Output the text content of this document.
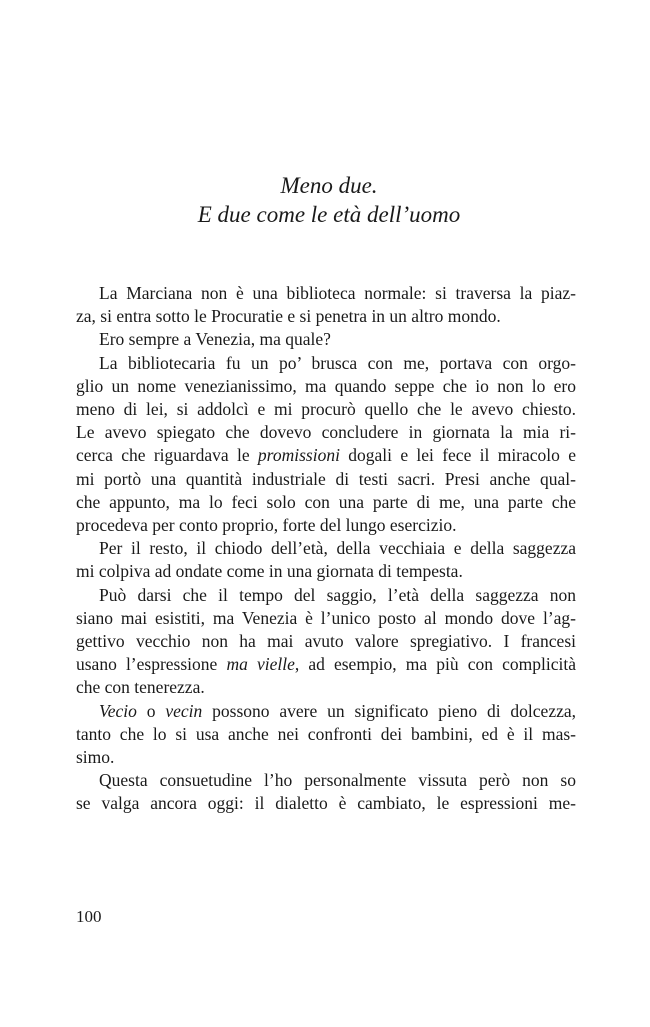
Meno due.
E due come le età dell’uomo

La Marciana non è una biblioteca normale: si traversa la piaz-

za, si entra sotto le Procuratie e si penetra in un altro mondo.

Ero sempre a Venezia, ma quale?

La bibliotecaria fu un po’ brusca con me, portava con orgo-

glio un nome venezianissimo, ma quando seppe che io non lo ero

meno di lei, si addolcì e mi procurò quello che le avevo chiesto.

Le avevo spiegato che dovevo concludere in giornata la mia ri-

cerca che riguardava le promissioni dogali e lei fece il miracolo e

mi portò una quantità industriale di testi sacri. Presi anche qual-

che appunto, ma lo feci solo con una parte di me, una parte che

procedeva per conto proprio, forte del lungo esercizio.

Per il resto, il chiodo dell’età, della vecchiaia e della saggezza

mi colpiva ad ondate come in una giornata di tempesta.

Può darsi che il tempo del saggio, l’età della saggezza non

siano mai esistiti, ma Venezia è l’unico posto al mondo dove l’ag-

gettivo vecchio non ha mai avuto valore spregiativo. I francesi

usano l’espressione ma vielle, ad esempio, ma più con complicità

che con tenerezza.

Vecio o vecin possono avere un significato pieno di dolcezza,

tanto che lo si usa anche nei confronti dei bambini, ed è il mas-

simo.

Questa consuetudine l’ho personalmente vissuta però non so

se valga ancora oggi: il dialetto è cambiato, le espressioni me-

100
